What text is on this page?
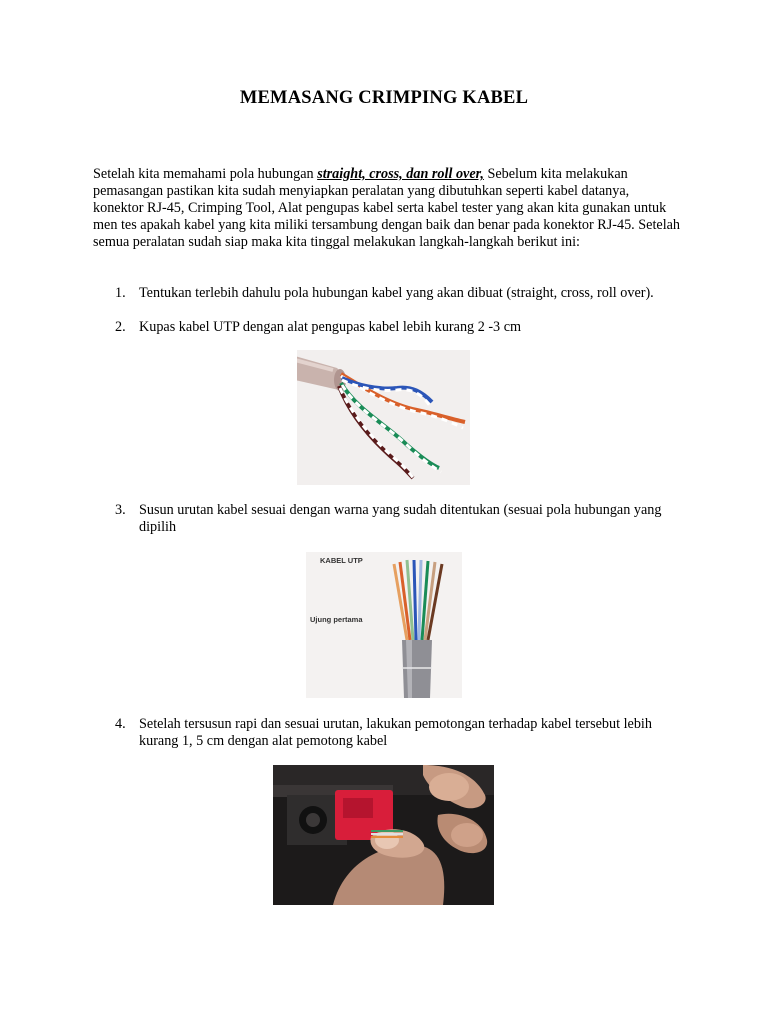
MEMASANG CRIMPING KABEL
Setelah kita memahami pola hubungan straight, cross, dan roll over, Sebelum kita melakukan pemasangan pastikan kita sudah menyiapkan peralatan yang dibutuhkan seperti kabel datanya, konektor RJ-45, Crimping Tool, Alat pengupas kabel serta kabel tester yang akan kita gunakan untuk men tes apakah kabel yang kita miliki tersambung dengan baik dan benar pada konektor RJ-45. Setelah semua peralatan sudah siap maka kita tinggal melakukan langkah-langkah berikut ini:
1. Tentukan terlebih dahulu pola hubungan kabel yang akan dibuat (straight, cross, roll over).
2. Kupas kabel UTP dengan alat pengupas kabel lebih kurang 2 -3 cm
3. Susun urutan kabel sesuai dengan warna yang sudah ditentukan (sesuai pola hubungan yang dipilih
KABEL UTP
Ujung pertama
4. Setelah tersusun rapi dan sesuai urutan, lakukan pemotongan terhadap kabel tersebut lebih kurang 1, 5 cm dengan alat pemotong kabel
